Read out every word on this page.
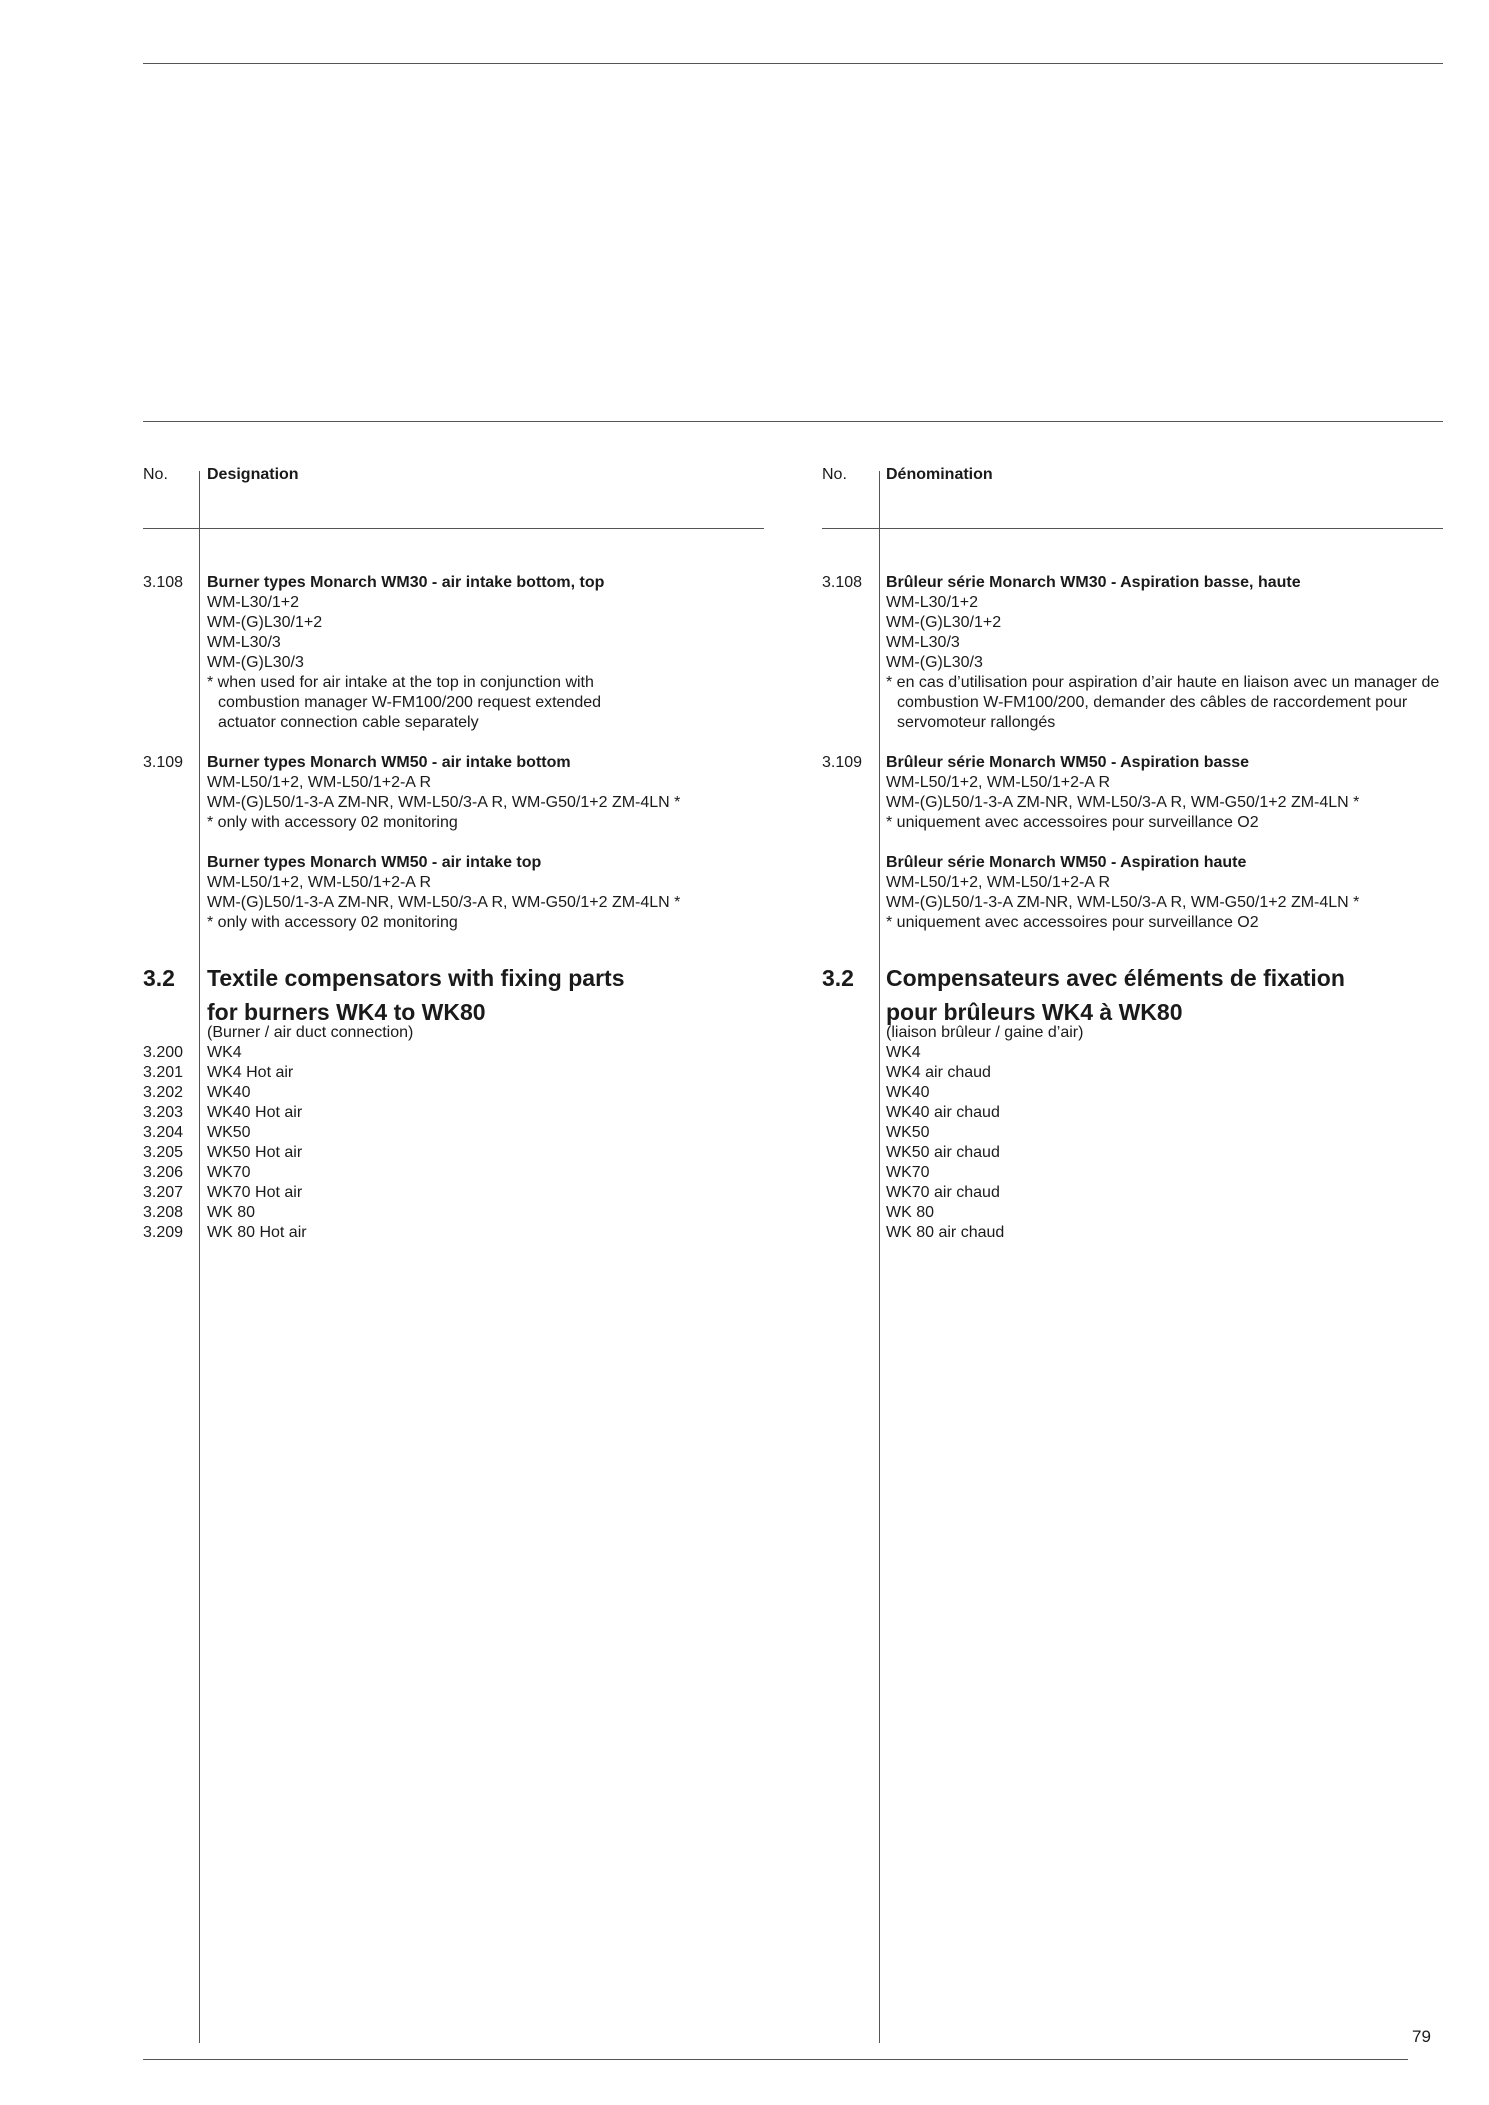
79
No. Designation
3.108 Burner types Monarch WM30 - air intake bottom, top
WM-L30/1+2
WM-(G)L30/1+2
WM-L30/3
WM-(G)L30/3
* when used for air intake at the top in conjunction with combustion manager W-FM100/200 request extended actuator connection cable separately
3.109 Burner types Monarch WM50 - air intake bottom
WM-L50/1+2, WM-L50/1+2-A R
WM-(G)L50/1-3-A ZM-NR, WM-L50/3-A R, WM-G50/1+2 ZM-4LN *
* only with accessory 02 monitoring
Burner types Monarch WM50 - air intake top
WM-L50/1+2, WM-L50/1+2-A R
WM-(G)L50/1-3-A ZM-NR, WM-L50/3-A R, WM-G50/1+2 ZM-4LN *
* only with accessory 02 monitoring
3.2 Textile compensators with fixing parts
for burners WK4 to WK80
(Burner / air duct connection)
3.200 WK4
3.201 WK4 Hot air
3.202 WK40
3.203 WK40 Hot air
3.204 WK50
3.205 WK50 Hot air
3.206 WK70
3.207 WK70 Hot air
3.208 WK 80
3.209 WK 80 Hot air
No. Dénomination
3.108 Brûleur série Monarch WM30 - Aspiration basse, haute
WM-L30/1+2
WM-(G)L30/1+2
WM-L30/3
WM-(G)L30/3
* en cas d’utilisation pour aspiration d’air haute en liaison avec un manager de combustion W-FM100/200, demander des câbles de raccordement pour servomoteur rallongés
3.109 Brûleur série Monarch WM50 - Aspiration basse
WM-L50/1+2, WM-L50/1+2-A R
WM-(G)L50/1-3-A ZM-NR, WM-L50/3-A R, WM-G50/1+2 ZM-4LN *
* uniquement avec accessoires pour surveillance O2
Brûleur série Monarch WM50 - Aspiration haute
WM-L50/1+2, WM-L50/1+2-A R
WM-(G)L50/1-3-A ZM-NR, WM-L50/3-A R, WM-G50/1+2 ZM-4LN *
* uniquement avec accessoires pour surveillance O2
3.2 Compensateurs avec éléments de fixation
pour brûleurs WK4 à WK80
(liaison brûleur / gaine d’air)
WK4
WK4 air chaud
WK40
WK40 air chaud
WK50
WK50 air chaud
WK70
WK70 air chaud
WK 80
WK 80 air chaud
